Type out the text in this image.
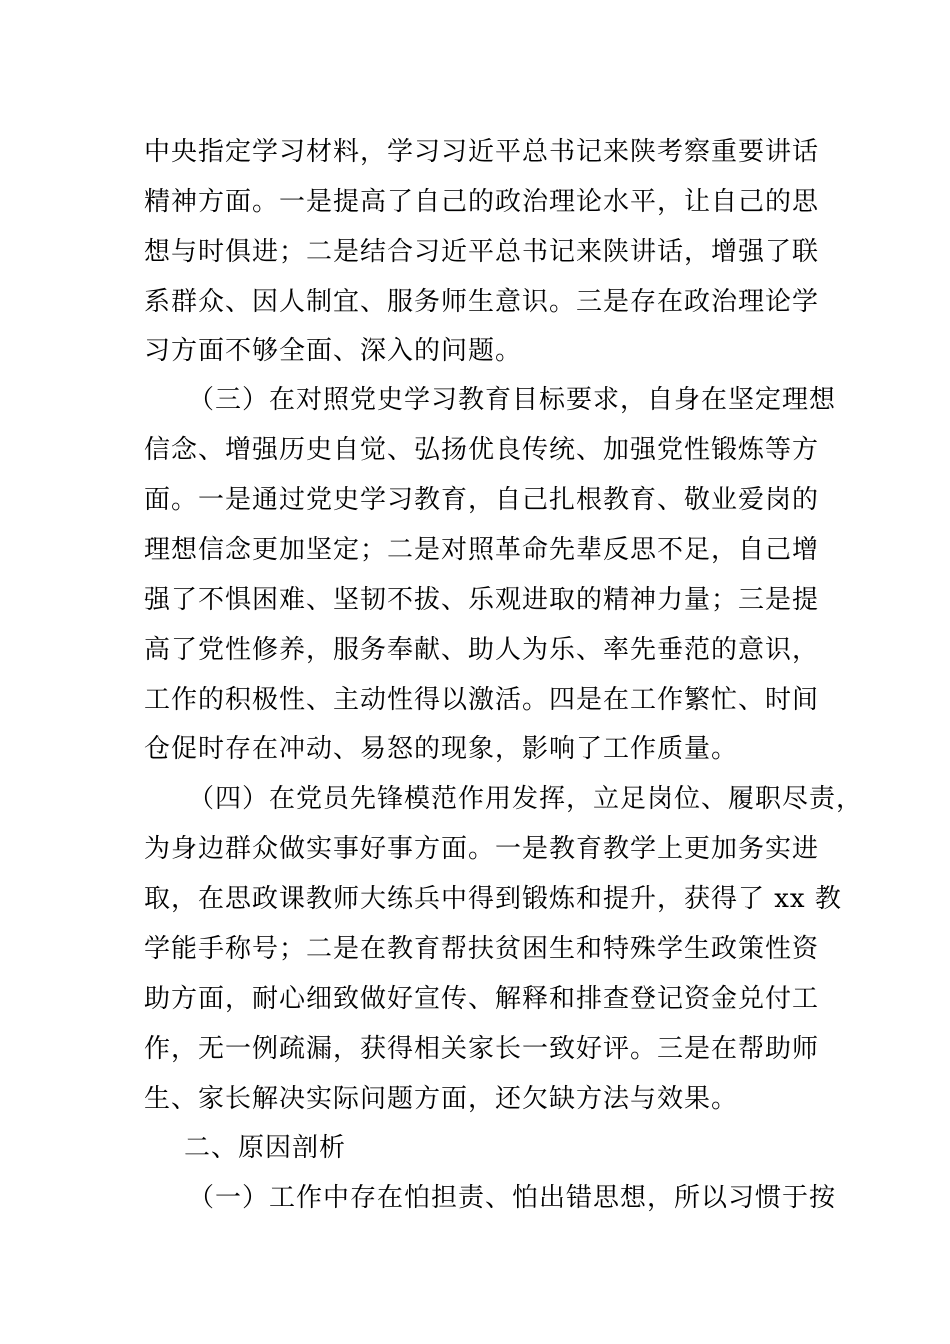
中央指定学习材料，学习习近平总书记来陕考察重要讲话
精神方面。一是提高了自己的政治理论水平，让自己的思
想与时俱进；二是结合习近平总书记来陕讲话，增强了联
系群众、因人制宜、服务师生意识。三是存在政治理论学
习方面不够全面、深入的问题。
（三）在对照党史学习教育目标要求，自身在坚定理想
信念、增强历史自觉、弘扬优良传统、加强党性锻炼等方
面。一是通过党史学习教育，自己扎根教育、敬业爱岗的
理想信念更加坚定；二是对照革命先辈反思不足，自己增
强了不惧困难、坚韧不拔、乐观进取的精神力量；三是提
高了党性修养，服务奉献、助人为乐、率先垂范的意识，
工作的积极性、主动性得以激活。四是在工作繁忙、时间
仓促时存在冲动、易怒的现象，影响了工作质量。
（四）在党员先锋模范作用发挥，立足岗位、履职尽责，
为身边群众做实事好事方面。一是教育教学上更加务实进
取，在思政课教师大练兵中得到锻炼和提升，获得了 xx 教
学能手称号；二是在教育帮扶贫困生和特殊学生政策性资
助方面，耐心细致做好宣传、解释和排查登记资金兑付工
作，无一例疏漏，获得相关家长一致好评。三是在帮助师
生、家长解决实际问题方面，还欠缺方法与效果。
二、原因剖析
（一）工作中存在怕担责、怕出错思想，所以习惯于按
